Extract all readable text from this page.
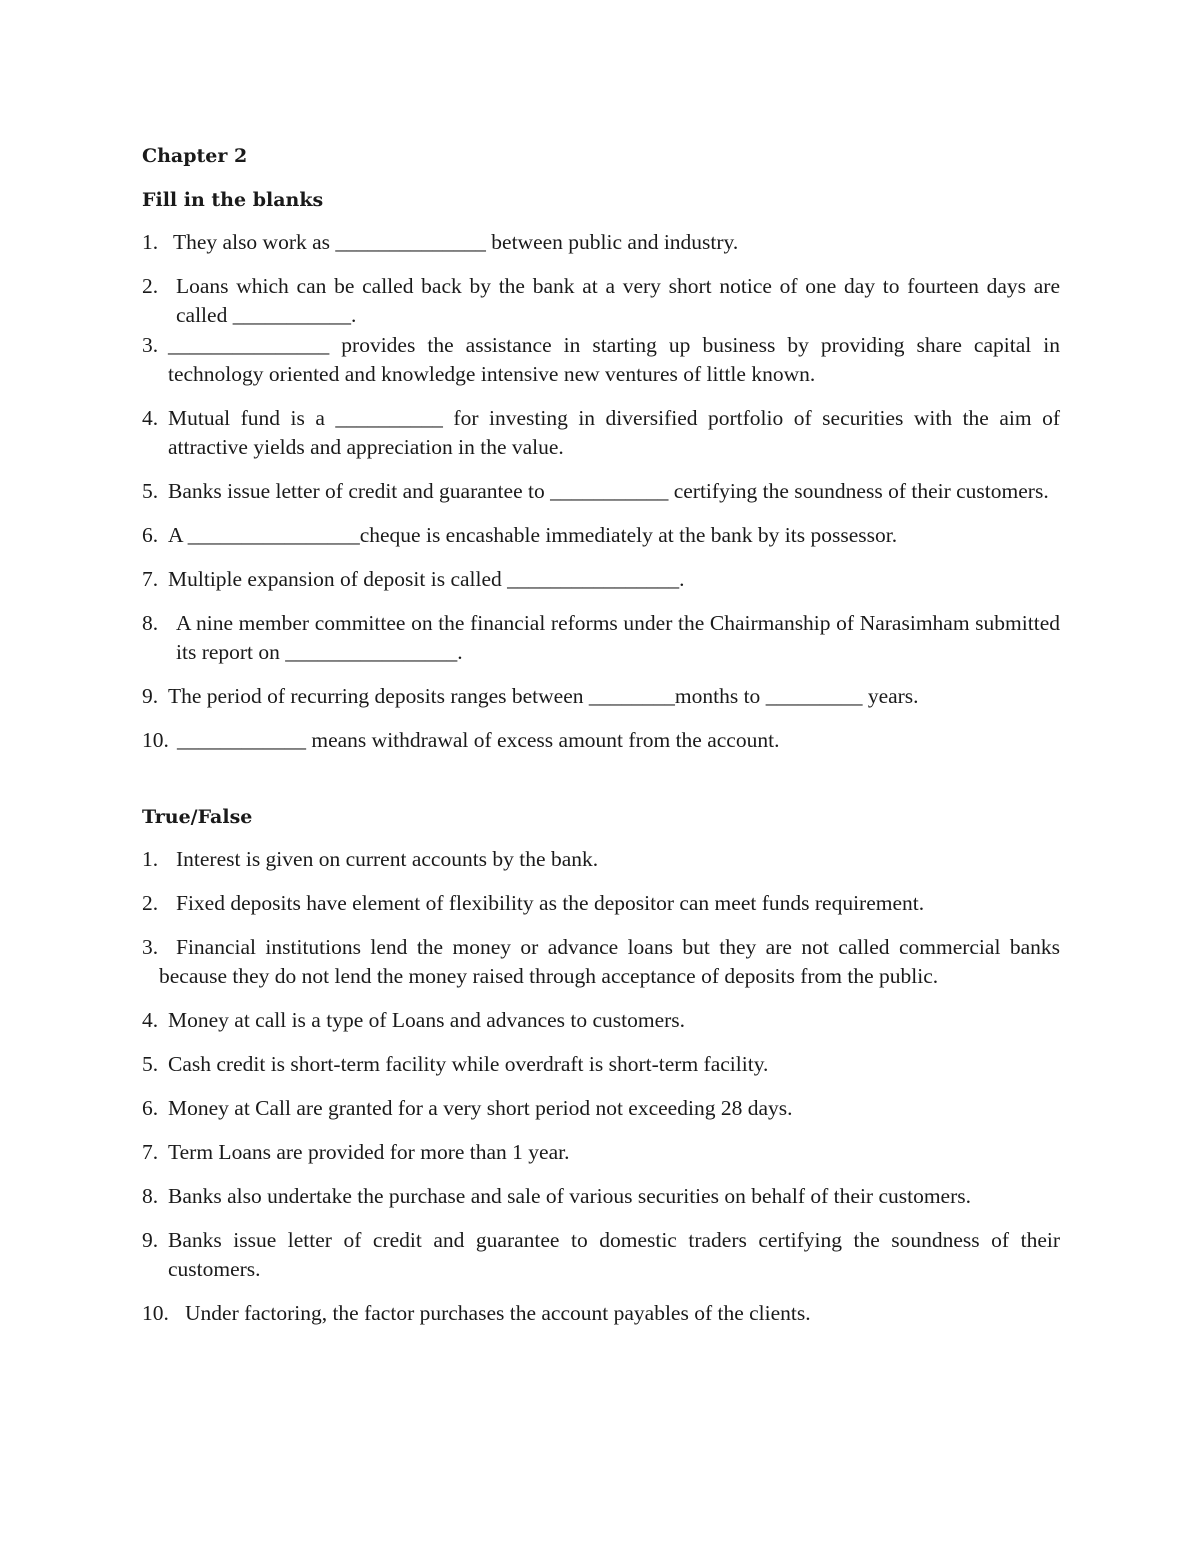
Chapter 2
Fill in the blanks
1. They also work as ______________ between public and industry.
2. Loans which can be called back by the bank at a very short notice of one day to fourteen days are called ___________.
3. _______________ provides the assistance in starting up business by providing share capital in technology oriented and knowledge intensive new ventures of little known.
4. Mutual fund is a __________ for investing in diversified portfolio of securities with the aim of attractive yields and appreciation in the value.
5. Banks issue letter of credit and guarantee to ___________ certifying the soundness of their customers.
6. A ________________cheque is encashable immediately at the bank by its possessor.
7. Multiple expansion of deposit is called ________________.
8. A nine member committee on the financial reforms under the Chairmanship of Narasimham submitted its report on ________________.
9. The period of recurring deposits ranges between ________months to _________ years.
10. ____________ means withdrawal of excess amount from the account.
True/False
1. Interest is given on current accounts by the bank.
2. Fixed deposits have element of flexibility as the depositor can meet funds requirement.
3. Financial institutions lend the money or advance loans but they are not called commercial banks because they do not lend the money raised through acceptance of deposits from the public.
4. Money at call is a type of Loans and advances to customers.
5. Cash credit is short-term facility while overdraft is short-term facility.
6. Money at Call are granted for a very short period not exceeding 28 days.
7. Term Loans are provided for more than 1 year.
8. Banks also undertake the purchase and sale of various securities on behalf of their customers.
9. Banks issue letter of credit and guarantee to domestic traders certifying the soundness of their customers.
10. Under factoring, the factor purchases the account payables of the clients.
